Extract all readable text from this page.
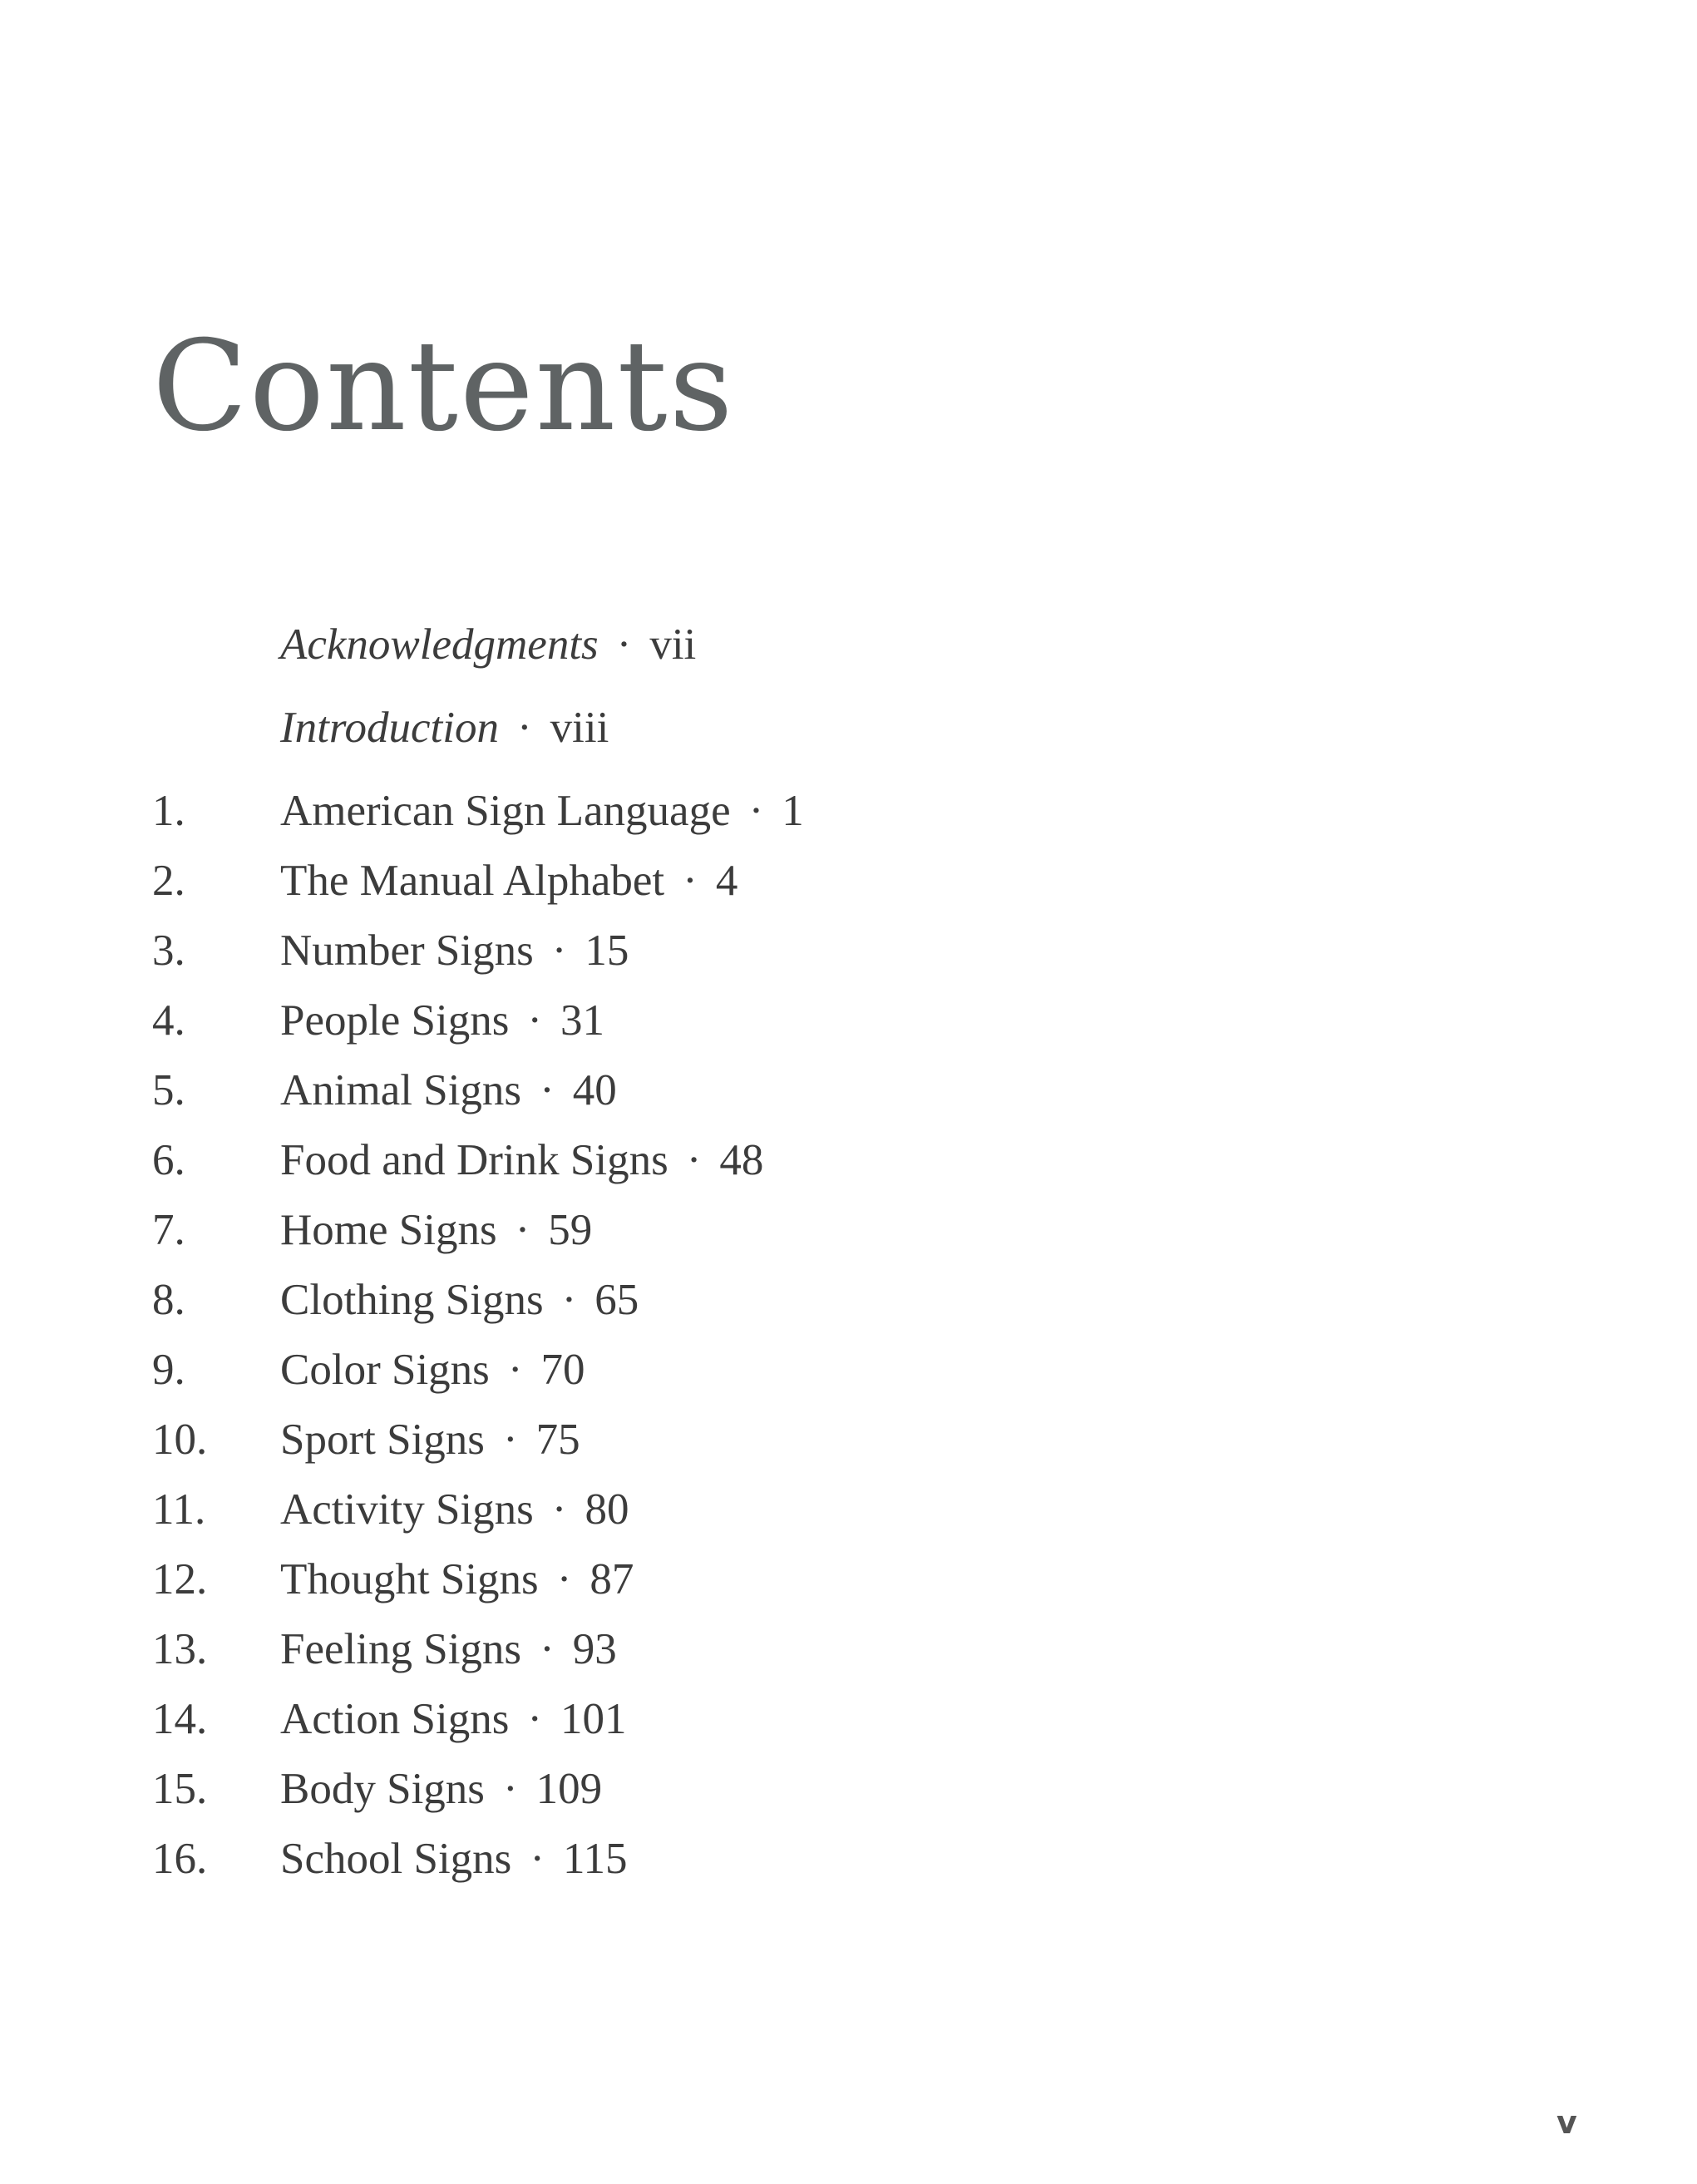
Contents
Acknowledgments · vii
Introduction · viii
1.	American Sign Language · 1
2.	The Manual Alphabet · 4
3.	Number Signs · 15
4.	People Signs · 31
5.	Animal Signs · 40
6.	Food and Drink Signs · 48
7.	Home Signs · 59
8.	Clothing Signs · 65
9.	Color Signs · 70
10.	Sport Signs · 75
11.	Activity Signs · 80
12.	Thought Signs · 87
13.	Feeling Signs · 93
14.	Action Signs · 101
15.	Body Signs · 109
16.	School Signs · 115
v
